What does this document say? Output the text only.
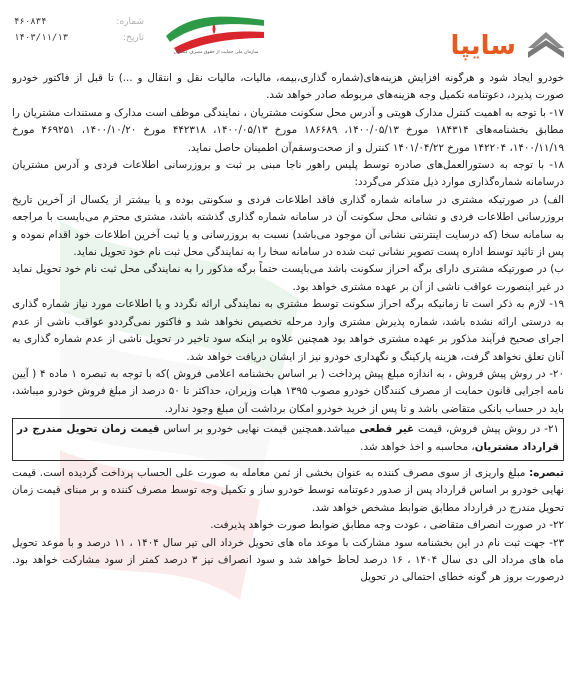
شماره:
۴۶۰۸۳۴
تاریخ:
۱۴۰۳/۱۱/۱۳
سازمان ملی حمایت از حقوق مصرف کنندگان	سایپا

خودرو ایجاد شود و هرگونه افزایش هزینه‌های(شماره گذاری،بیمه، مالیات، مالیات نقل و انتقال و ...) تا قبل از فاکتور خودرو صورت پذیرد، دعوتنامه تکمیل وجه هزینه‌های مربوطه صادر خواهد شد.

۱۷- با توجه به اهمیت کنترل مدارک هویتی و آدرس محل سکونت مشتریان ، نمایندگی موظف است مدارک و مستندات مشتریان را مطابق بخشنامه‌های ۱۸۴۳۱۴ مورخ ۱۴۰۰/۰۵/۱۳، ۱۸۶۶۸۹ مورخ ۱۴۰۰/۰۵/۱۳، ۴۴۲۳۱۸ مورخ ۱۴۰۰/۱۰/۲۰، ۴۶۹۲۵۱ مورخ ۱۴۰۰/۱۱/۱۹، ۱۴۲۲۰۴ مورخ ۱۴۰۱/۰۴/۲۲ کنترل و از صحت‌وسقم‌آن اطمینان حاصل نماید.

۱۸- با توجه به دستورالعمل‌های صادره توسط پلیس راهور ناجا مبنی بر ثبت و بروزرسانی اطلاعات فردی و آدرس مشتریان درسامانه شماره‌گذاری موارد ذیل متذکر می‌گردد:

الف) در صورتیکه مشتری در سامانه شماره گذاری فاقد اطلاعات فردی و سکونتی بوده و یا بیشتر از یکسال از آخرین تاریخ بروزرسانی اطلاعات فردی و نشانی محل سکونت آن در سامانه شماره گذاری گذشته باشد، مشتری محترم می‌بایست با مراجعه به سامانه سخا (که درسایت اینترنتی نشانی آن موجود می‌باشد) نسبت به بروزرسانی و یا ثبت آخرین اطلاعات خود اقدام نموده و پس از تائید توسط اداره پست تصویر نشانی ثبت شده در سامانه سخا را به نمایندگی محل ثبت نام خود تحویل نماید.

ب) در صورتیکه مشتری دارای برگه احراز سکونت باشد می‌بایست حتماً برگه مذکور را به نمایندگی محل ثبت نام خود تحویل نماید در غیر اینصورت عواقب ناشی از آن بر عهده مشتری خواهد بود.

۱۹- لازم به ذکر است تا زمانیکه برگه احراز سکونت توسط مشتری به نمایندگی ارائه نگردد و یا اطلاعات مورد نیاز شماره گذاری به درستی ارائه نشده باشد، شماره پذیرش مشتری وارد مرحله تخصیص نخواهد شد و فاکتور نمی‌گرددو عواقب ناشی از عدم اجرای صحیح فرآیند مذکور بر عهده مشتری خواهد بود همچنین علاوه بر اینکه سود تاخیر در تحویل ناشی از عدم شماره گذاری به آنان تعلق نخواهد گرفت، هزینه پارکینگ و نگهداری خودرو نیز از ایشان دریافت خواهد شد.

۲۰- در روش پیش فروش ، به اندازه مبلغ پیش پرداخت ( بر اساس بخشنامه اعلامی فروش )که با توجه به تبصره ۱ ماده ۴ ( آیین نامه اجرایی قانون حمایت از مصرف کنندگان خودرو مصوب ۱۳۹۵ هیات وزیران، حداکثر تا ۵۰ درصد از مبلغ فروش خودرو میباشد، باید در حساب بانکی متقاضی باشد و تا پس از خرید خودرو امکان برداشت آن مبلغ وجود ندارد.

۲۱- در روش پیش فروش، قیمت غیر قطعی میباشد.همچنین قیمت نهایی خودرو بر اساس قیمت زمان تحویل مندرج در قرارداد مشتریان، محاسبه و اخذ خواهد شد.

تبصره: مبلغ واریزی از سوی مصرف کننده به عنوان بخشی از ثمن معامله به صورت علی الحساب پرداخت گردیده است. قیمت نهایی خودرو بر اساس قرارداد پس از صدور دعوتنامه توسط خودرو ساز و تکمیل وجه توسط مصرف کننده و بر مبنای قیمت زمان تحویل مندرج در قرارداد مطابق ضوابط مشخص خواهد شد.

۲۲- در صورت انصراف متقاضی ، عودت وجه مطابق ضوابط صورت خواهد پذیرفت.

۲۳- جهت ثبت نام در این بخشنامه سود مشارکت با موعد ماه های تحویل خرداد الی تیر سال ۱۴۰۴ ، ۱۱ درصد و با موعد تحویل ماه های مرداد الی دی سال ۱۴۰۴ ، ۱۶ درصد لحاظ خواهد شد و سود انصراف نیز ۳ درصد کمتر از سود مشارکت خواهد بود. درصورت بروز هر گونه خطای احتمالی در تحویل
